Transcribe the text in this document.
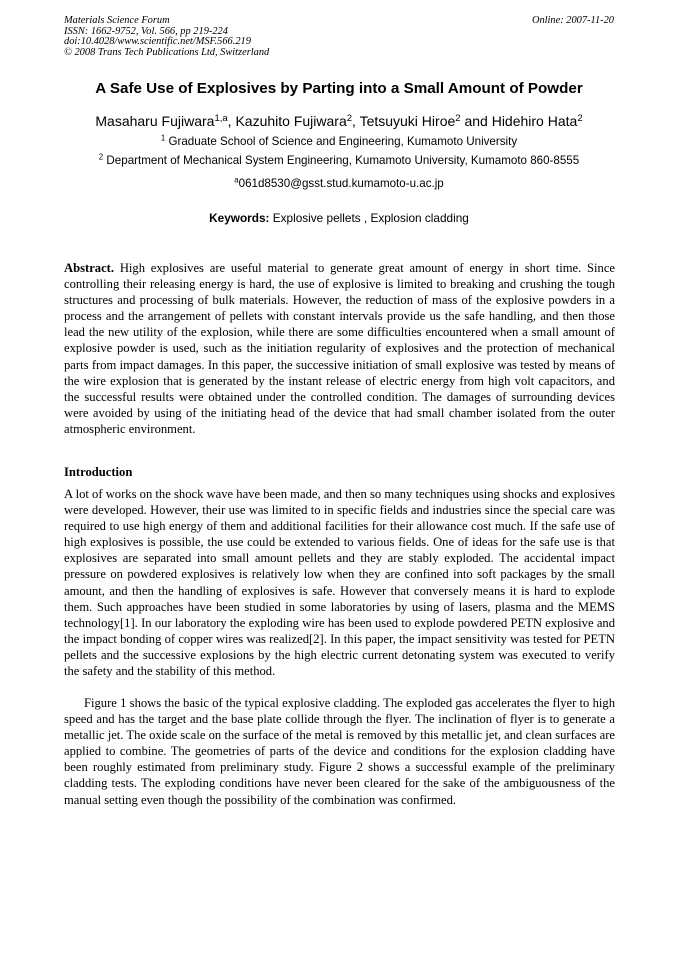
Materials Science Forum
ISSN: 1662-9752, Vol. 566, pp 219-224
doi:10.4028/www.scientific.net/MSF.566.219
© 2008 Trans Tech Publications Ltd, Switzerland
Online: 2007-11-20
A Safe Use of Explosives by Parting into a Small Amount of Powder
Masaharu Fujiwara$^{1,a}$, Kazuhito Fujiwara$^2$, Tetsuyuki Hiroe$^2$ and Hidehiro Hata$^2$
$^1$ Graduate School of Science and Engineering, Kumamoto University
$^2$ Department of Mechanical System Engineering, Kumamoto University, Kumamoto 860-8555
$^a$061d8530@gsst.stud.kumamoto-u.ac.jp
Keywords: Explosive pellets , Explosion cladding

Abstract. High explosives are useful material to generate great amount of energy in short time. Since controlling their releasing energy is hard, the use of explosive is limited to breaking and crushing the tough structures and processing of bulk materials. However, the reduction of mass of the explosive powders in a process and the arrangement of pellets with constant intervals provide us the safe handling, and then those lead the new utility of the explosion, while there are some difficulties encountered when a small amount of explosive powder is used, such as the initiation regularity of explosives and the protection of mechanical parts from impact damages. In this paper, the successive initiation of small explosive was tested by means of the wire explosion that is generated by the instant release of electric energy from high volt capacitors, and the successful results were obtained under the controlled condition. The damages of surrounding devices were avoided by using of the initiating head of the device that had small chamber isolated from the outer atmospheric environment.

Introduction

A lot of works on the shock wave have been made, and then so many techniques using shocks and explosives were developed. However, their use was limited to in specific fields and industries since the special care was required to use high energy of them and additional facilities for their allowance cost much. If the safe use of high explosives is possible, the use could be extended to various fields. One of ideas for the safe use is that explosives are separated into small amount pellets and they are stably exploded. The accidental impact pressure on powdered explosives is relatively low when they are confined into soft packages by the small amount, and then the handling of explosives is safe. However that conversely means it is hard to explode them. Such approaches have been studied in some laboratories by using of lasers, plasma and the MEMS technology[1]. In our laboratory the exploding wire has been used to explode powdered PETN explosive and the impact bonding of copper wires was realized[2]. In this paper, the impact sensitivity was tested for PETN pellets and the successive explosions by the high electric current detonating system was executed to verify the safety and the stability of this method.

Figure 1 shows the basic of the typical explosive cladding. The exploded gas accelerates the flyer to high speed and has the target and the base plate collide through the flyer. The inclination of flyer is to generate a metallic jet. The oxide scale on the surface of the metal is removed by this metallic jet, and clean surfaces are applied to combine. The geometries of parts of the device and conditions for the explosion cladding have been roughly estimated from preliminary study. Figure 2 shows a successful example of the preliminary cladding tests. The exploding conditions have never been cleared for the sake of the ambiguousness of the manual setting even though the possibility of the combination was confirmed.
